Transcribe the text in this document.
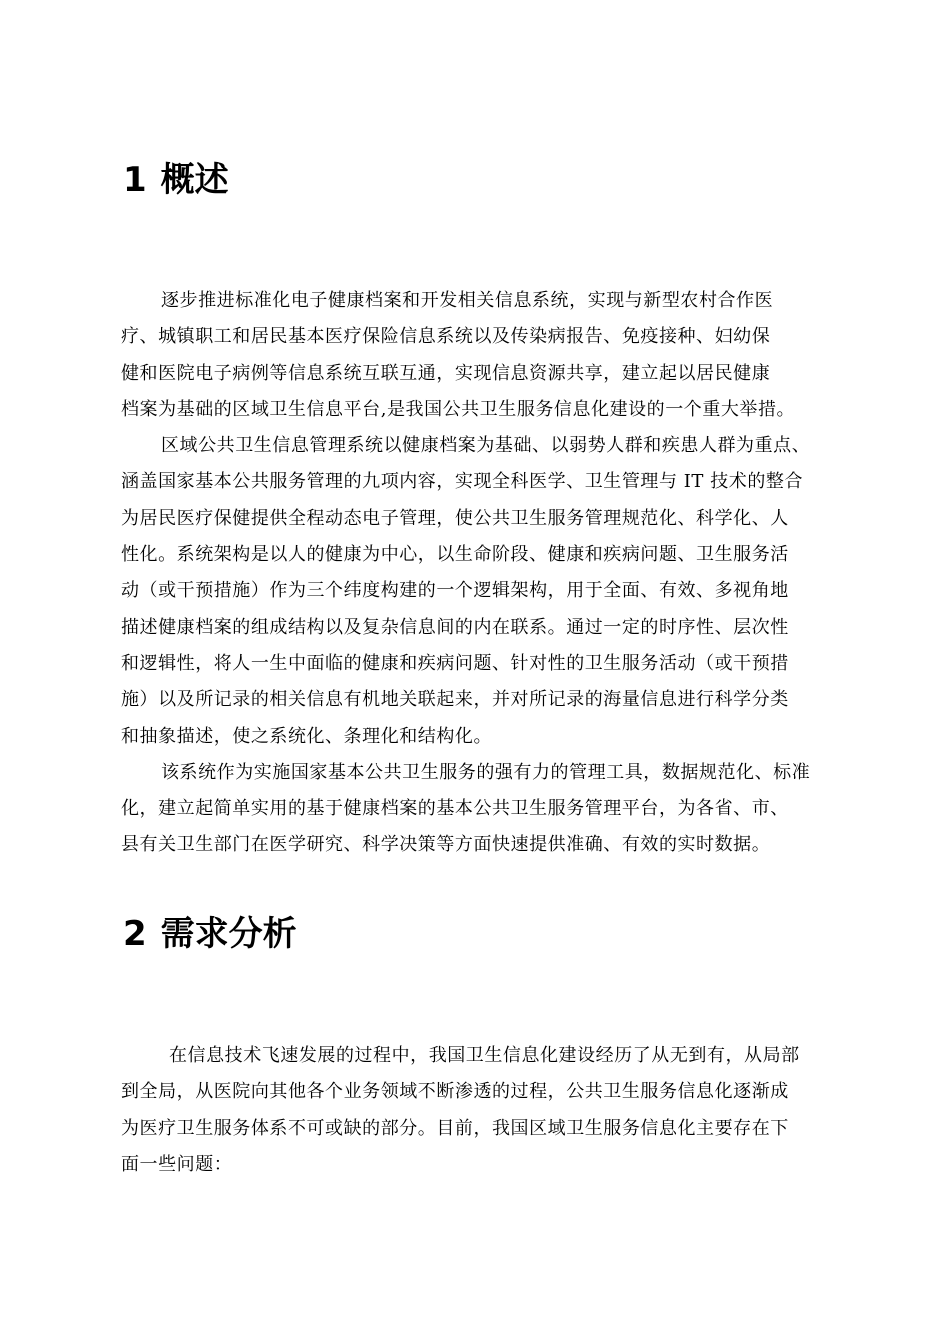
1 概述
逐步推进标准化电子健康档案和开发相关信息系统，实现与新型农村合作医
疗、城镇职工和居民基本医疗保险信息系统以及传染病报告、免疫接种、妇幼保
健和医院电子病例等信息系统互联互通，实现信息资源共享，建立起以居民健康
档案为基础的区域卫生信息平台,是我国公共卫生服务信息化建设的一个重大举措。
区域公共卫生信息管理系统以健康档案为基础、以弱势人群和疾患人群为重点、
涵盖国家基本公共服务管理的九项内容，实现全科医学、卫生管理与 IT 技术的整合
为居民医疗保健提供全程动态电子管理，使公共卫生服务管理规范化、科学化、人
性化。系统架构是以人的健康为中心，以生命阶段、健康和疾病问题、卫生服务活
动（或干预措施）作为三个纬度构建的一个逻辑架构，用于全面、有效、多视角地
描述健康档案的组成结构以及复杂信息间的内在联系。通过一定的时序性、层次性
和逻辑性，将人一生中面临的健康和疾病问题、针对性的卫生服务活动（或干预措
施）以及所记录的相关信息有机地关联起来，并对所记录的海量信息进行科学分类
和抽象描述，使之系统化、条理化和结构化。
该系统作为实施国家基本公共卫生服务的强有力的管理工具，数据规范化、标准
化，建立起简单实用的基于健康档案的基本公共卫生服务管理平台，为各省、市、
县有关卫生部门在医学研究、科学决策等方面快速提供准确、有效的实时数据。
2 需求分析
在信息技术飞速发展的过程中，我国卫生信息化建设经历了从无到有，从局部
到全局，从医院向其他各个业务领域不断渗透的过程，公共卫生服务信息化逐渐成
为医疗卫生服务体系不可或缺的部分。目前，我国区域卫生服务信息化主要存在下
面一些问题：
